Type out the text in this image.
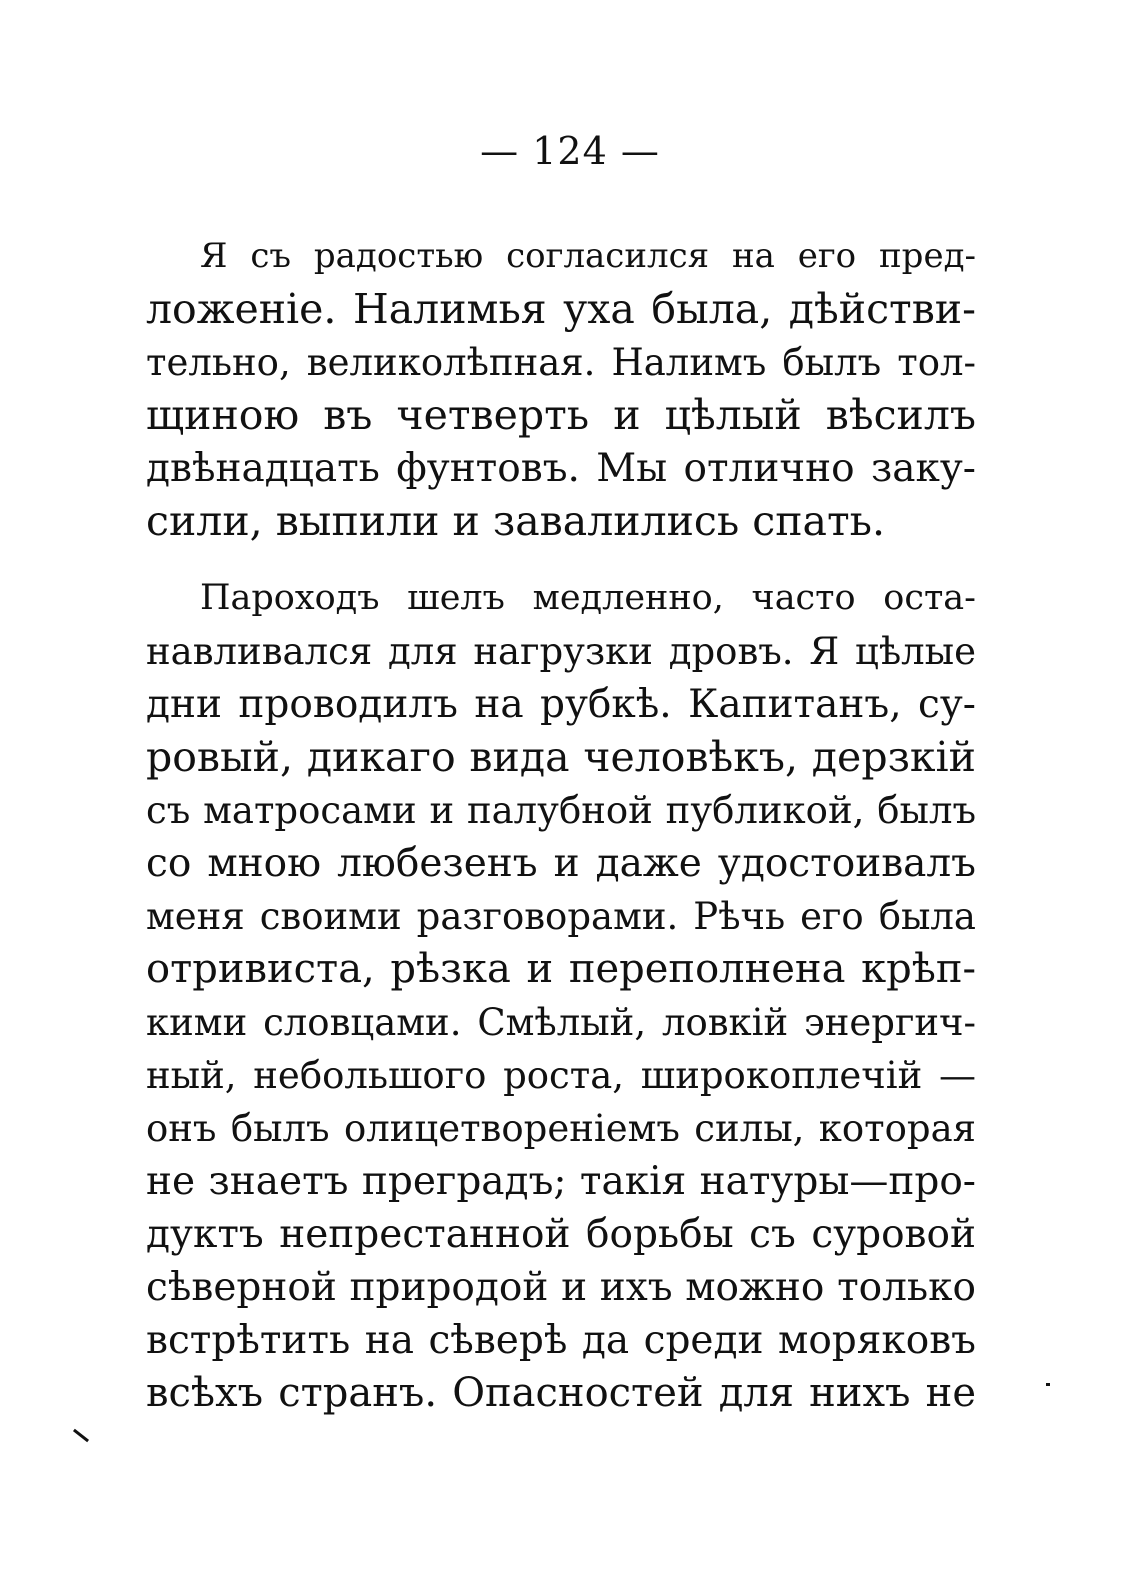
— 124 —
Я съ радостью согласился на его пред-
ложеніе. Налимья уха была, дѣйстви-
тельно, великолѣпная. Налимъ былъ тол-
щиною въ четверть и цѣлый вѣсилъ
двѣнадцать фунтовъ. Мы отлично заку-
сили, выпили и завалились спать.
Пароходъ шелъ медленно, часто оста-
навливался для нагрузки дровъ. Я цѣлые
дни проводилъ на рубкѣ. Капитанъ, су-
ровый, дикаго вида человѣкъ, дерзкій
съ матросами и палубной публикой, былъ
со мною любезенъ и даже удостоивалъ
меня своими разговорами. Рѣчь его была
отривиста, рѣзка и переполнена крѣп-
кими словцами. Смѣлый, ловкій энергич-
ный, небольшого роста, широкоплечій —
онъ былъ олицетвореніемъ силы, которая
не знаетъ преградъ; такія натуры—про-
дуктъ непрестанной борьбы съ суровой
сѣверной природой и ихъ можно только
встрѣтить на сѣверѣ да среди моряковъ
всѣхъ странъ. Опасностей для нихъ не
